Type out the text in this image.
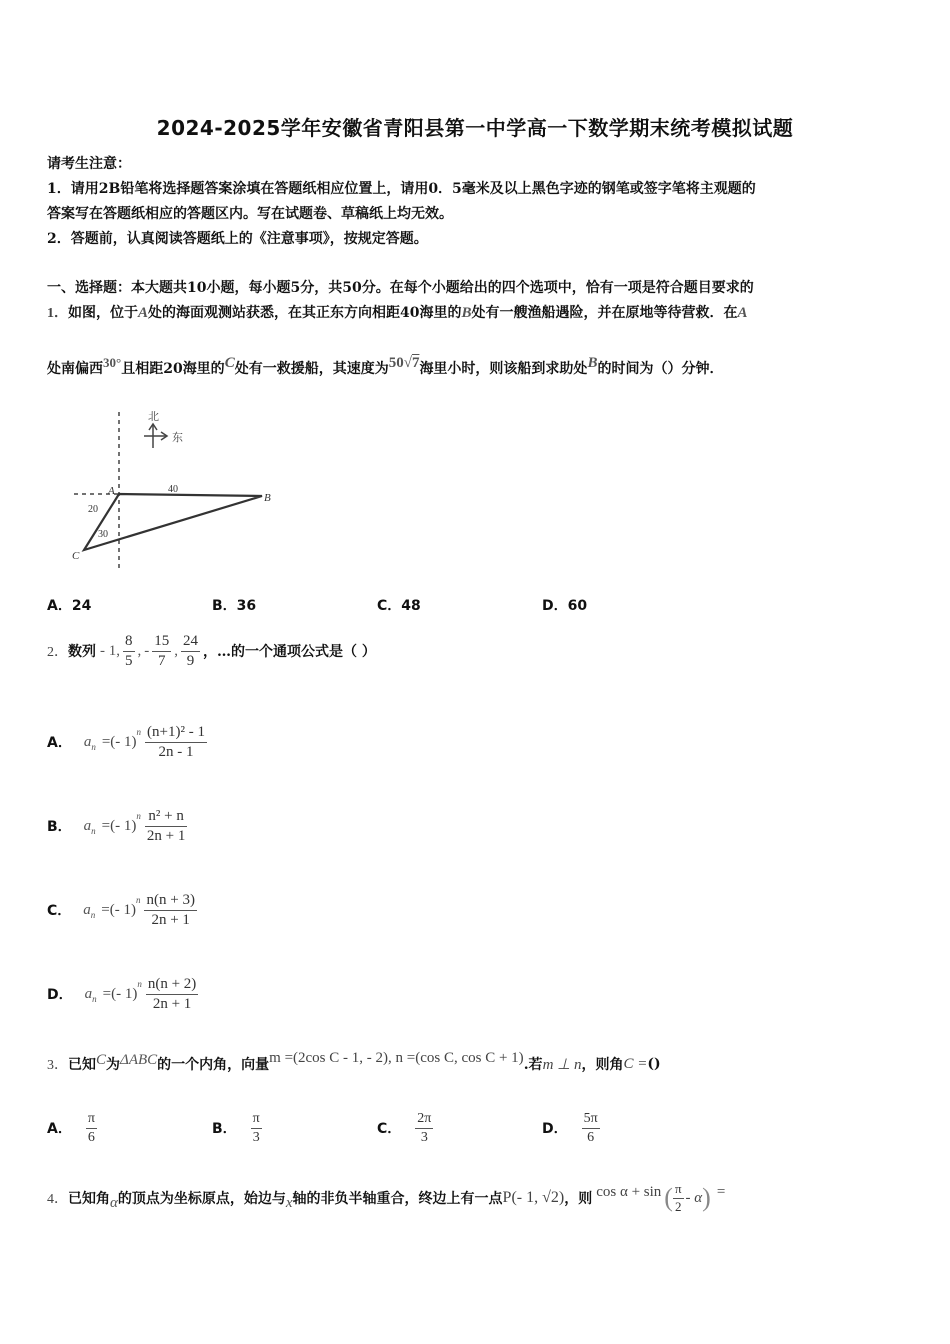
2024-2025学年安徽省青阳县第一中学高一下数学期末统考模拟试题
请考生注意：
1．请用2B铅笔将选择题答案涂填在答题纸相应位置上，请用0．5毫米及以上黑色字迹的钢笔或签字笔将主观题的
答案写在答题纸相应的答题区内。写在试题卷、草稿纸上均无效。
2．答题前，认真阅读答题纸上的《注意事项》，按规定答题。
一、选择题：本大题共10小题，每小题5分，共50分。在每个小题给出的四个选项中，恰有一项是符合题目要求的
1．如图，位于A处的海面观测站获悉，在其正东方向相距40海里的B处有一艘渔船遇险，并在原地等待营救．在A
处南偏西30°且相距20海里的C处有一救援船，其速度为50√7海里小时，则该船到求助处B的时间为（）分钟．
北
东
A
B
C
40
20
30
A．24	B．36	C．48	D．60
2． 数列 - 1 , $\frac{8}{5}$ , - $\frac{15}{7}$ , $\frac{24}{9}$ ，…的一个通项公式是（ ）
A． a n =(- 1)
n $\frac{\text{(n+1)² - 1}}{2n - 1}$
B． a n =(- 1)
n $\frac{\text{n² + n}}{2n + 1}$
C． a n =(- 1)
n $\frac{n(n + 3)}{2n + 1}$
D． a n =(- 1)
n $\frac{n(n + 2)}{2n + 1}$
3． 已知 C 为 ΔABC 的一个内角，向量 m =(2cos C - 1, - 2), n =(cos C, cos C + 1) .若 m ⊥ n ，则角 C = ()
A． $\frac{\pi}{6}$	B． $\frac{\pi}{3}$	C． $\frac{2\pi}{3}$	D． $\frac{5\pi}{6}$
4． 已知角 α 的顶点为坐标原点，始边与 x 轴的非负半轴重合，终边上有一点 P(- 1, √2) ，则 cos α + sin ( $\frac{\pi}{2}$ - α ) =
